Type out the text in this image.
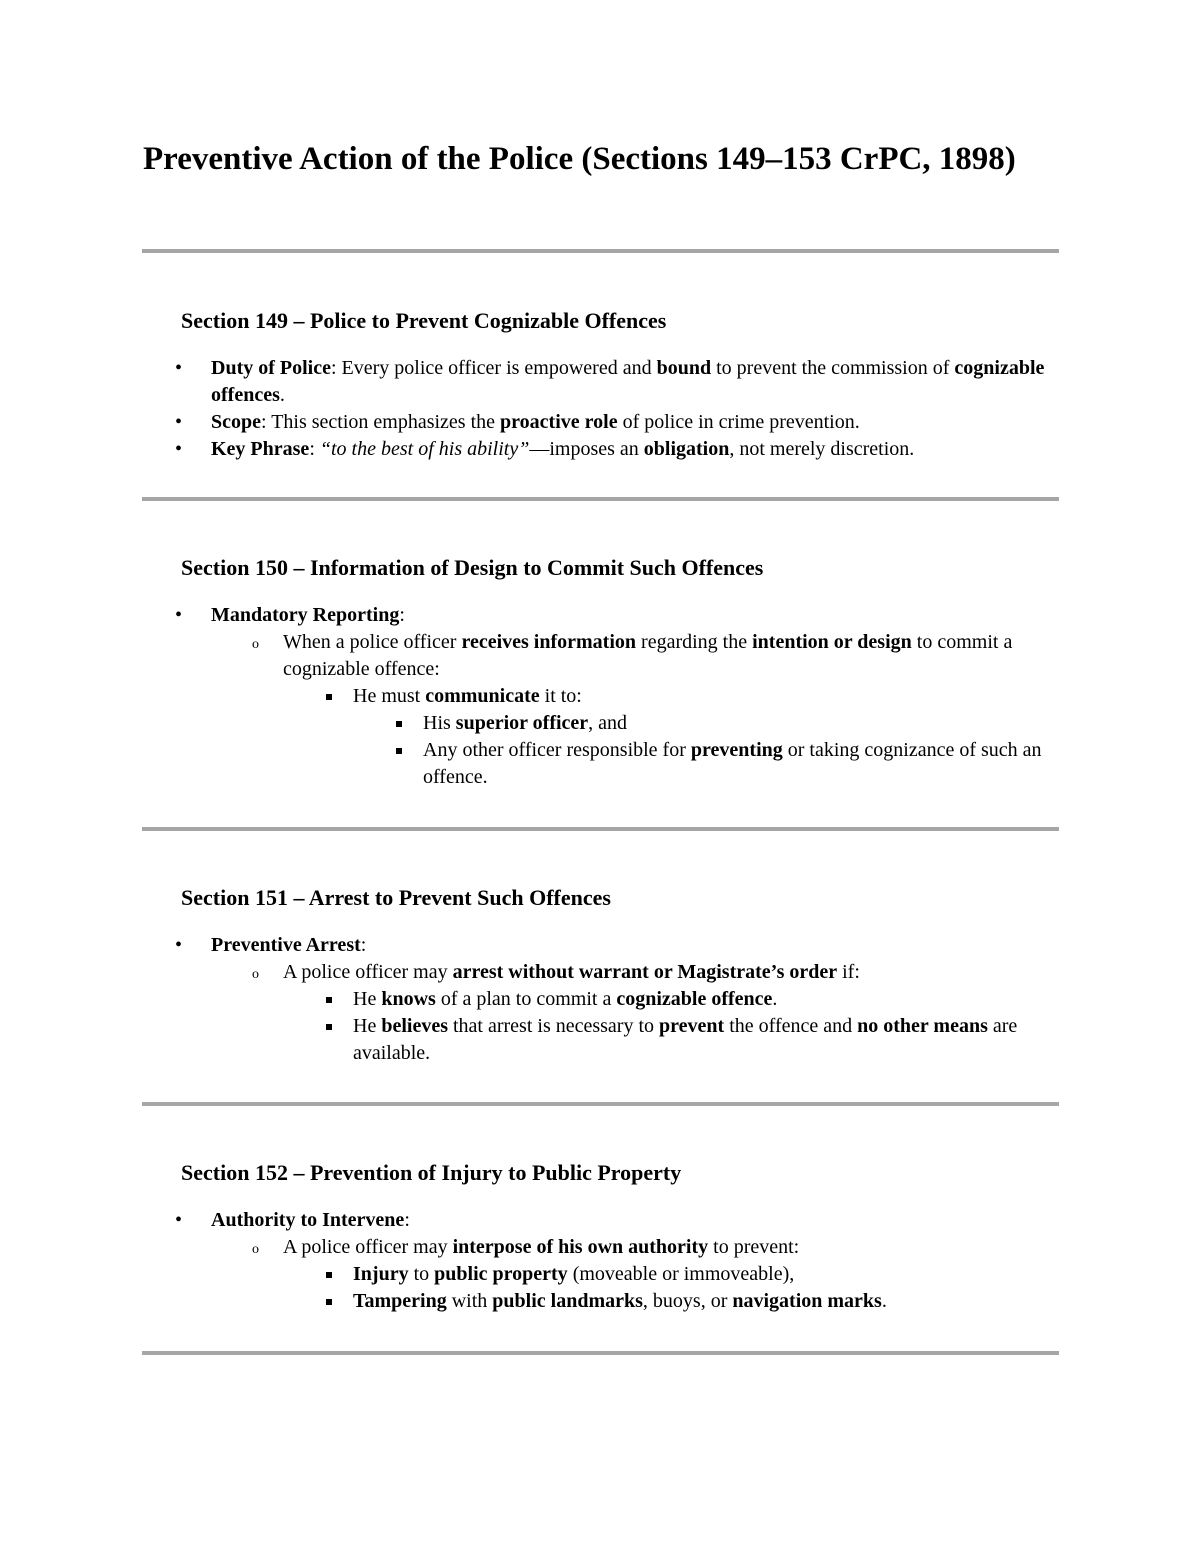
Preventive Action of the Police (Sections 149–153 CrPC, 1898)
Section 149 – Police to Prevent Cognizable Offences
• Duty of Police: Every police officer is empowered and bound to prevent the commission of cognizable offences.
• Scope: This section emphasizes the proactive role of police in crime prevention.
• Key Phrase: “to the best of his ability”—imposes an obligation, not merely discretion.
Section 150 – Information of Design to Commit Such Offences
• Mandatory Reporting:
o When a police officer receives information regarding the intention or design to commit a cognizable offence:
He must communicate it to:
His superior officer, and
Any other officer responsible for preventing or taking cognizance of such an offence.
Section 151 – Arrest to Prevent Such Offences
• Preventive Arrest:
o A police officer may arrest without warrant or Magistrate’s order if:
He knows of a plan to commit a cognizable offence.
He believes that arrest is necessary to prevent the offence and no other means are available.
Section 152 – Prevention of Injury to Public Property
• Authority to Intervene:
o A police officer may interpose of his own authority to prevent:
Injury to public property (moveable or immoveable),
Tampering with public landmarks, buoys, or navigation marks.
